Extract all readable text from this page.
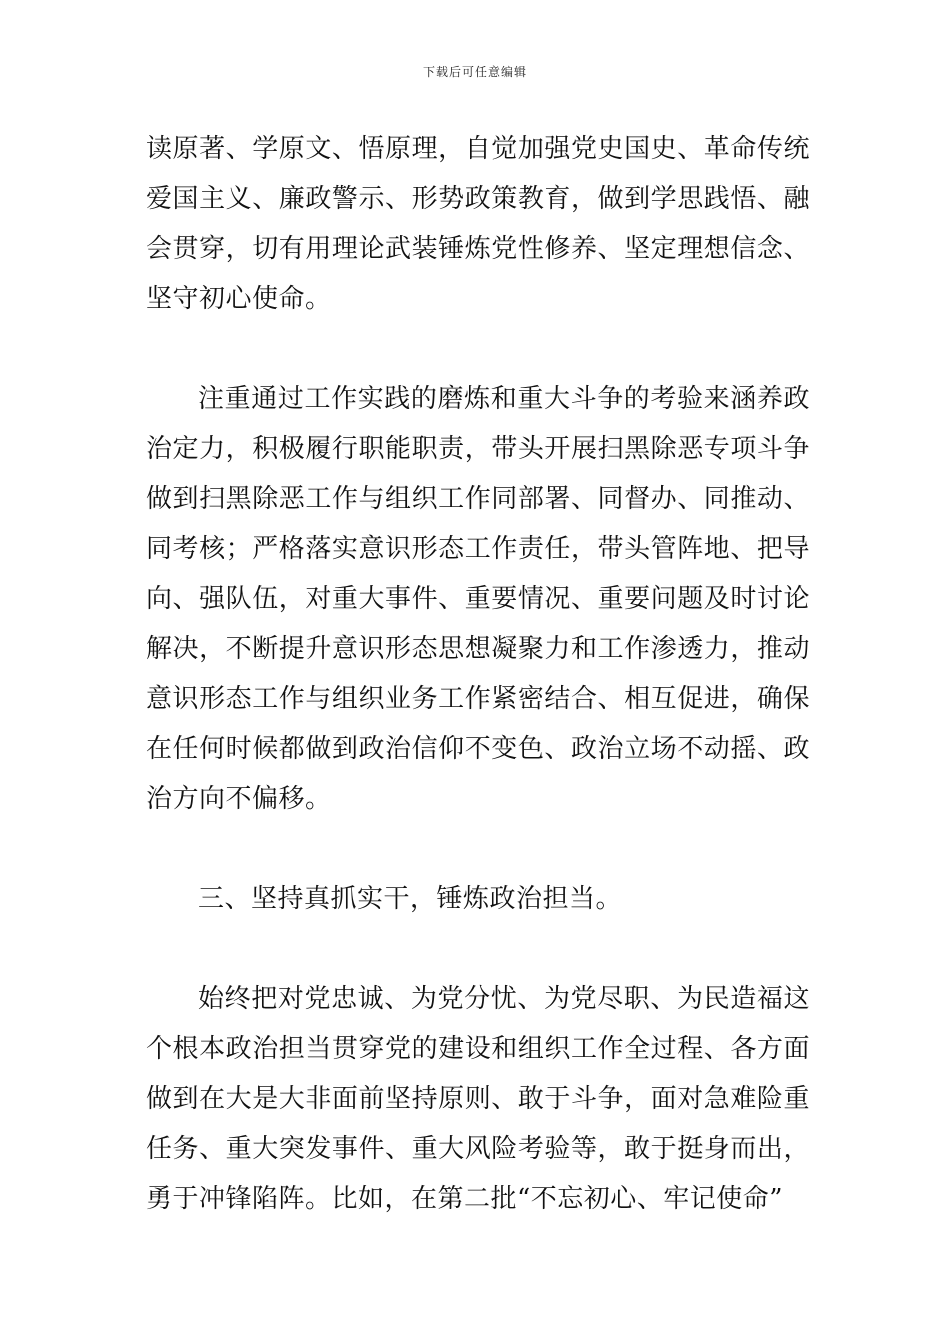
下载后可任意编辑

读原著、学原文、悟原理，自觉加强党史国史、革命传统爱国主义、廉政警示、形势政策教育，做到学思践悟、融会贯穿，切有用理论武装锤炼党性修养、坚定理想信念、坚守初心使命。

注重通过工作实践的磨炼和重大斗争的考验来涵养政治定力，积极履行职能职责，带头开展扫黑除恶专项斗争做到扫黑除恶工作与组织工作同部署、同督办、同推动、同考核；严格落实意识形态工作责任，带头管阵地、把导向、强队伍，对重大事件、重要情况、重要问题及时讨论解决，不断提升意识形态思想凝聚力和工作渗透力，推动意识形态工作与组织业务工作紧密结合、相互促进，确保在任何时候都做到政治信仰不变色、政治立场不动摇、政治方向不偏移。

三、坚持真抓实干，锤炼政治担当。

始终把对党忠诚、为党分忧、为党尽职、为民造福这个根本政治担当贯穿党的建设和组织工作全过程、各方面做到在大是大非面前坚持原则、敢于斗争，面对急难险重任务、重大突发事件、重大风险考验等，敢于挺身而出，勇于冲锋陷阵。比如，在第二批“不忘初心、牢记使命”
